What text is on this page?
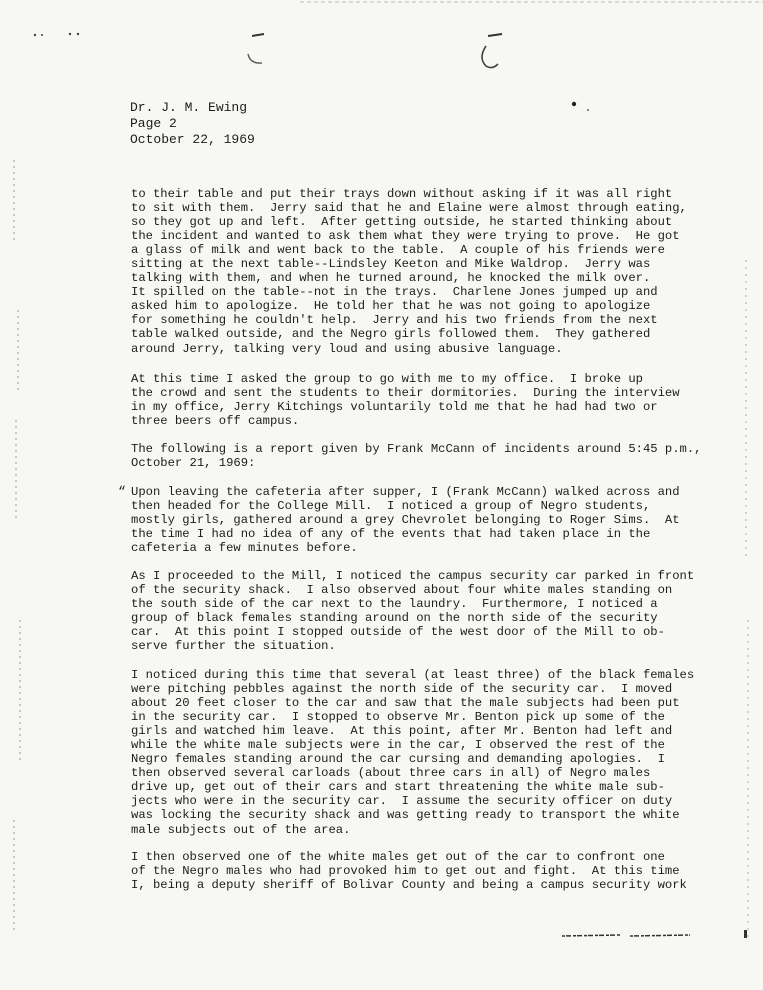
Dr. J. M. Ewing
Page 2
October 22, 1969
“
to their table and put their trays down without asking if it was all right
to sit with them.  Jerry said that he and Elaine were almost through eating,
so they got up and left.  After getting outside, he started thinking about
the incident and wanted to ask them what they were trying to prove.  He got
a glass of milk and went back to the table.  A couple of his friends were
sitting at the next table--Lindsley Keeton and Mike Waldrop.  Jerry was
talking with them, and when he turned around, he knocked the milk over.
It spilled on the table--not in the trays.  Charlene Jones jumped up and
asked him to apologize.  He told her that he was not going to apologize
for something he couldn't help.  Jerry and his two friends from the next
table walked outside, and the Negro girls followed them.  They gathered
around Jerry, talking very loud and using abusive language.
At this time I asked the group to go with me to my office.  I broke up
the crowd and sent the students to their dormitories.  During the interview
in my office, Jerry Kitchings voluntarily told me that he had had two or
three beers off campus.
The following is a report given by Frank McCann of incidents around 5:45 p.m.,
October 21, 1969:
Upon leaving the cafeteria after supper, I (Frank McCann) walked across and
then headed for the College Mill.  I noticed a group of Negro students,
mostly girls, gathered around a grey Chevrolet belonging to Roger Sims.  At
the time I had no idea of any of the events that had taken place in the
cafeteria a few minutes before.
As I proceeded to the Mill, I noticed the campus security car parked in front
of the security shack.  I also observed about four white males standing on
the south side of the car next to the laundry.  Furthermore, I noticed a
group of black females standing around on the north side of the security
car.  At this point I stopped outside of the west door of the Mill to ob-
serve further the situation.
I noticed during this time that several (at least three) of the black females
were pitching pebbles against the north side of the security car.  I moved
about 20 feet closer to the car and saw that the male subjects had been put
in the security car.  I stopped to observe Mr. Benton pick up some of the
girls and watched him leave.  At this point, after Mr. Benton had left and
while the white male subjects were in the car, I observed the rest of the
Negro females standing around the car cursing and demanding apologies.  I
then observed several carloads (about three cars in all) of Negro males
drive up, get out of their cars and start threatening the white male sub-
jects who were in the security car.  I assume the security officer on duty
was locking the security shack and was getting ready to transport the white
male subjects out of the area.
I then observed one of the white males get out of the car to confront one
of the Negro males who had provoked him to get out and fight.  At this time
I, being a deputy sheriff of Bolivar County and being a campus security work
